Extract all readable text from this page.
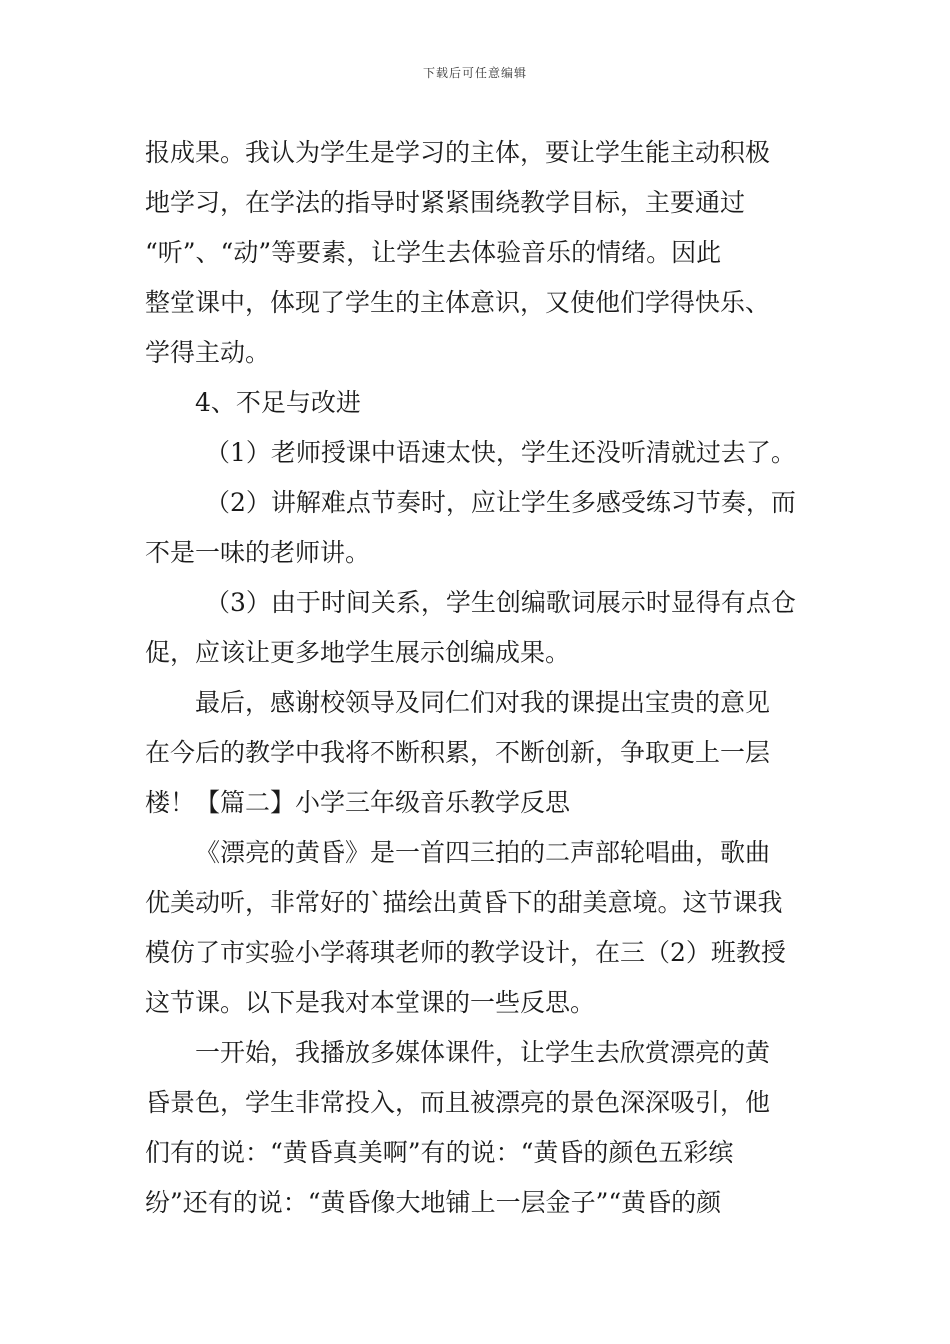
下载后可任意编辑
报成果。我认为学生是学习的主体，要让学生能主动积极
地学习，在学法的指导时紧紧围绕教学目标，主要通过
“听”、“动”等要素，让学生去体验音乐的情绪。因此
整堂课中，体现了学生的主体意识，又使他们学得快乐、
学得主动。
4、不足与改进
（1）老师授课中语速太快，学生还没听清就过去了。
（2）讲解难点节奏时，应让学生多感受练习节奏，而
不是一味的老师讲。
（3）由于时间关系，学生创编歌词展示时显得有点仓
促，应该让更多地学生展示创编成果。
最后，感谢校领导及同仁们对我的课提出宝贵的意见
在今后的教学中我将不断积累，不断创新，争取更上一层
楼！【篇二】小学三年级音乐教学反思
《漂亮的黄昏》是一首四三拍的二声部轮唱曲，歌曲
优美动听，非常好的`描绘出黄昏下的甜美意境。这节课我
模仿了市实验小学蒋琪老师的教学设计，在三（2）班教授
这节课。以下是我对本堂课的一些反思。
一开始，我播放多媒体课件，让学生去欣赏漂亮的黄
昏景色，学生非常投入，而且被漂亮的景色深深吸引，他
们有的说：“黄昏真美啊”有的说：“黄昏的颜色五彩缤
纷”还有的说：“黄昏像大地铺上一层金子”“黄昏的颜
